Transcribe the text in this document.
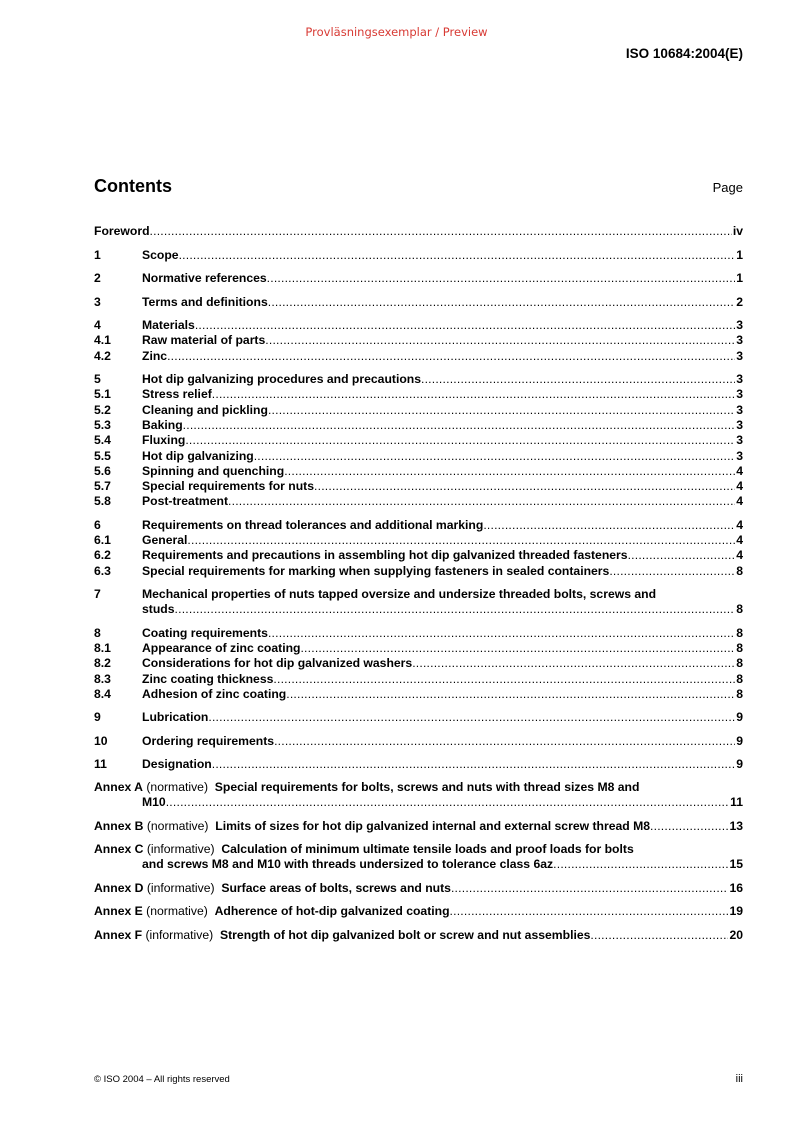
Provläsningsexemplar / Preview
ISO 10684:2004(E)
Contents	Page
Foreword .....	iv
1	Scope .....	1
2	Normative references .....	1
3	Terms and definitions .....	2
4	Materials .....	3
4.1	Raw material of parts .....	3
4.2	Zinc .....	3
5	Hot dip galvanizing procedures and precautions .....	3
5.1	Stress relief .....	3
5.2	Cleaning and pickling .....	3
5.3	Baking .....	3
5.4	Fluxing .....	3
5.5	Hot dip galvanizing .....	3
5.6	Spinning and quenching .....	4
5.7	Special requirements for nuts .....	4
5.8	Post-treatment .....	4
6	Requirements on thread tolerances and additional marking .....	4
6.1	General .....	4
6.2	Requirements and precautions in assembling hot dip galvanized threaded fasteners .....	4
6.3	Special requirements for marking when supplying fasteners in sealed containers .....	8
7	Mechanical properties of nuts tapped oversize and undersize threaded bolts, screws and
studs .....	8
8	Coating requirements .....	8
8.1	Appearance of zinc coating .....	8
8.2	Considerations for hot dip galvanized washers .....	8
8.3	Zinc coating thickness .....	8
8.4	Adhesion of zinc coating .....	8
9	Lubrication .....	9
10	Ordering requirements .....	9
11	Designation .....	9
Annex A
(normative)
Special requirements for bolts, screws and nuts with thread sizes M8 and
M10 .....	11
Annex B
(normative)
Limits of sizes for hot dip galvanized internal and external screw thread M8 .....	13
Annex C
(informative)
Calculation of minimum ultimate tensile loads and proof loads for bolts
and screws M8 and M10 with threads undersized to tolerance class 6az .....	15
Annex D
(informative)
Surface areas of bolts, screws and nuts .....	16
Annex E
(normative)
Adherence of hot-dip galvanized coating .....	19
Annex F
(informative)
Strength of hot dip galvanized bolt or screw and nut assemblies .....	20
© ISO 2004 – All rights reserved	iii
